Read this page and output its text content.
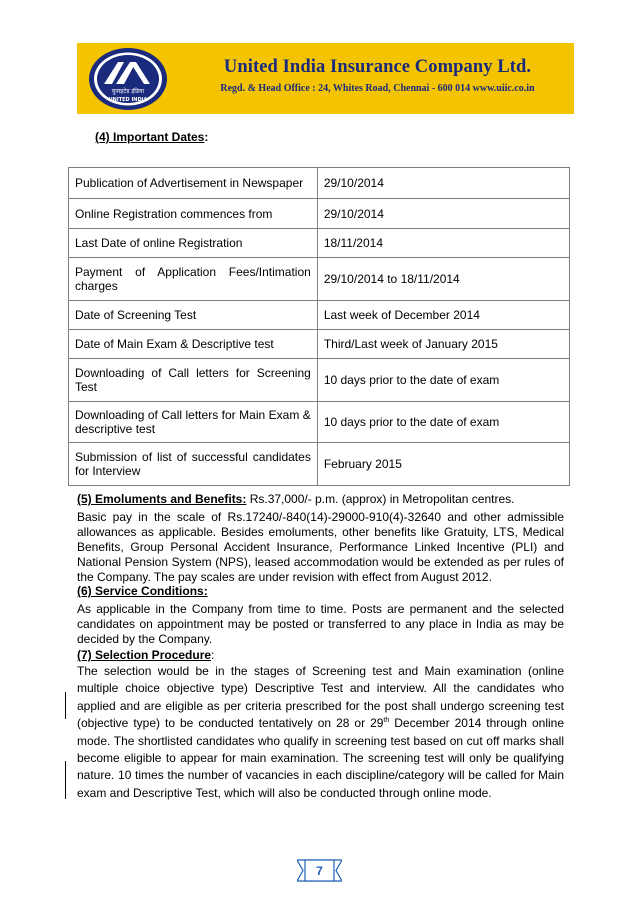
युनाइटेड इंडिया
UNITED INDIA
United India Insurance Company Ltd.
Regd. & Head Office : 24, Whites Road, Chennai - 600 014 www.uiic.co.in
(4) Important Dates:
Publication of Advertisement in Newspaper	29/10/2014
Online Registration commences from	29/10/2014
Last Date of online Registration	18/11/2014
Payment of Application Fees/Intimation charges	29/10/2014 to 18/11/2014
Date of Screening Test	Last week of December 2014
Date of Main Exam & Descriptive test	Third/Last week of January 2015
Downloading of Call letters for Screening Test	10 days prior to the date of exam
Downloading of Call letters for Main Exam & descriptive test	10 days prior to the date of exam
Submission of list of successful candidates for Interview	February 2015
(5) Emoluments and Benefits: Rs.37,000/- p.m. (approx) in Metropolitan centres.
Basic pay in the scale of Rs.17240/-840(14)-29000-910(4)-32640 and other admissible allowances as applicable. Besides emoluments, other benefits like Gratuity, LTS, Medical Benefits, Group Personal Accident Insurance, Performance Linked Incentive (PLI) and National Pension System (NPS), leased accommodation would be extended as per rules of the Company. The pay scales are under revision with effect from August 2012.
(6) Service Conditions:
As applicable in the Company from time to time. Posts are permanent and the selected candidates on appointment may be posted or transferred to any place in India as may be decided by the Company.
(7) Selection Procedure:
The selection would be in the stages of Screening test and Main examination (online multiple choice objective type) Descriptive Test and interview. All the candidates who applied and are eligible as per criteria prescribed for the post shall undergo screening test (objective type) to be conducted tentatively on 28 or 29th December 2014 through online mode. The shortlisted candidates who qualify in screening test based on cut off marks shall become eligible to appear for main examination. The screening test will only be qualifying nature. 10 times the number of vacancies in each discipline/category will be called for Main exam and Descriptive Test, which will also be conducted through online mode.
7
